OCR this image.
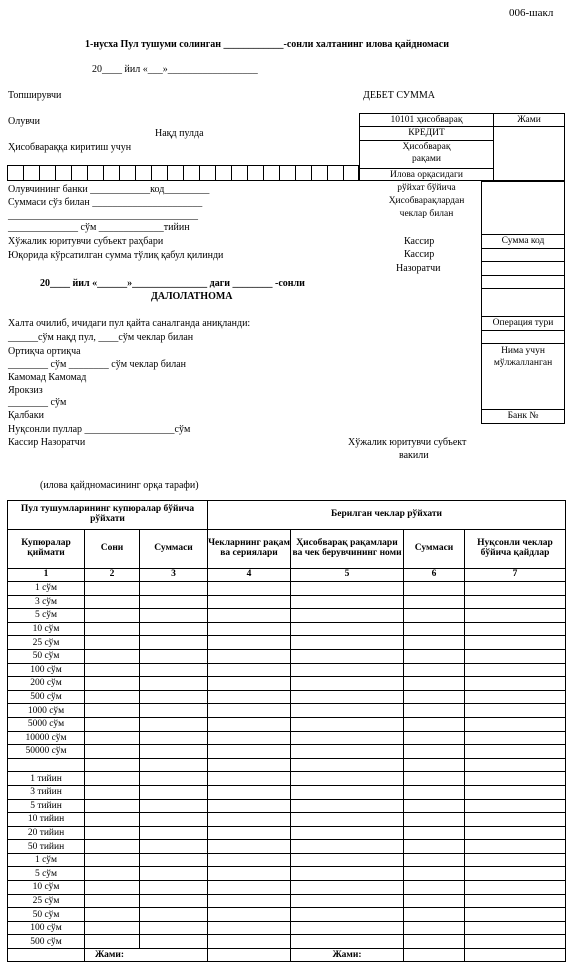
006-шакл
1-нусха Пул тушуми солинган ____________-сонли халтанинг илова қайдномаси
20____ йил «___»__________________
Топширувчи
Олувчи
Нақд пулда
Ҳисобвараққа киритиш учун
Олувчининг банки ____________код_________
Суммаси сўз билан ______________________
______________________________________
______________ сўм _____________тийин
Хўжалик юритувчи субъект раҳбари
Юқорида кўрсатилган сумма тўлиқ қабул қилинди
ДЕБЕТ СУММА
10101 ҳисобварақ
КРЕДИТ
Ҳисобварақ
рақами
Илова орқасидаги
Жами
рўйхат бўйича
Ҳисобварақлардан
чеклар билан
Сумма код
Операция тури
Нима учун
мўлжалланган
Банк №
Кассир
Кассир
Назоратчи
20____ йил «______»_______________ даги ________ -сонли
ДАЛОЛАТНОМА
Халта очилиб, ичидаги пул қайта саналганда аниқланди:
______сўм нақд пул, ____сўм чеклар билан
Ортиқча ортиқча
________ сўм ________ сўм чеклар билан
Камомад Камомад
Ярокзиз
________ сўм
Қалбаки
Нуқсонли пуллар __________________сўм
Кассир Назоратчи	Хўжалик юритувчи субъект
вакили
(илова қайдномасининг орқа тарафи)
Пул тушумларининг купюралар бўйича рўйхати			Берилган чеклар рўйхати			
Купюралар қиймати	Сони	Суммаси	Чекларнинг рақам ва сериялари	Ҳисобварақ рақамлари ва чек берувчининг номи	Суммаси	Нуқсонли чеклар бўйича қайдлар
1	2	3	4	5	6	7
1 сўм						
3 сўм						
5 сўм						
10 сўм						
25 сўм						
50 сўм						
100 сўм						
200 сўм						
500 сўм						
1000 сўм						
5000 сўм						
10000 сўм						
50000 сўм						

1 тийин						
3 тийин						
5 тийин						
10 тийин						
20 тийин						
50 тийин						
1 сўм						
5 сўм						
10 сўм						
25 сўм						
50 сўм						
100 сўм						
500 сўм						
	Жами:			Жами:		
